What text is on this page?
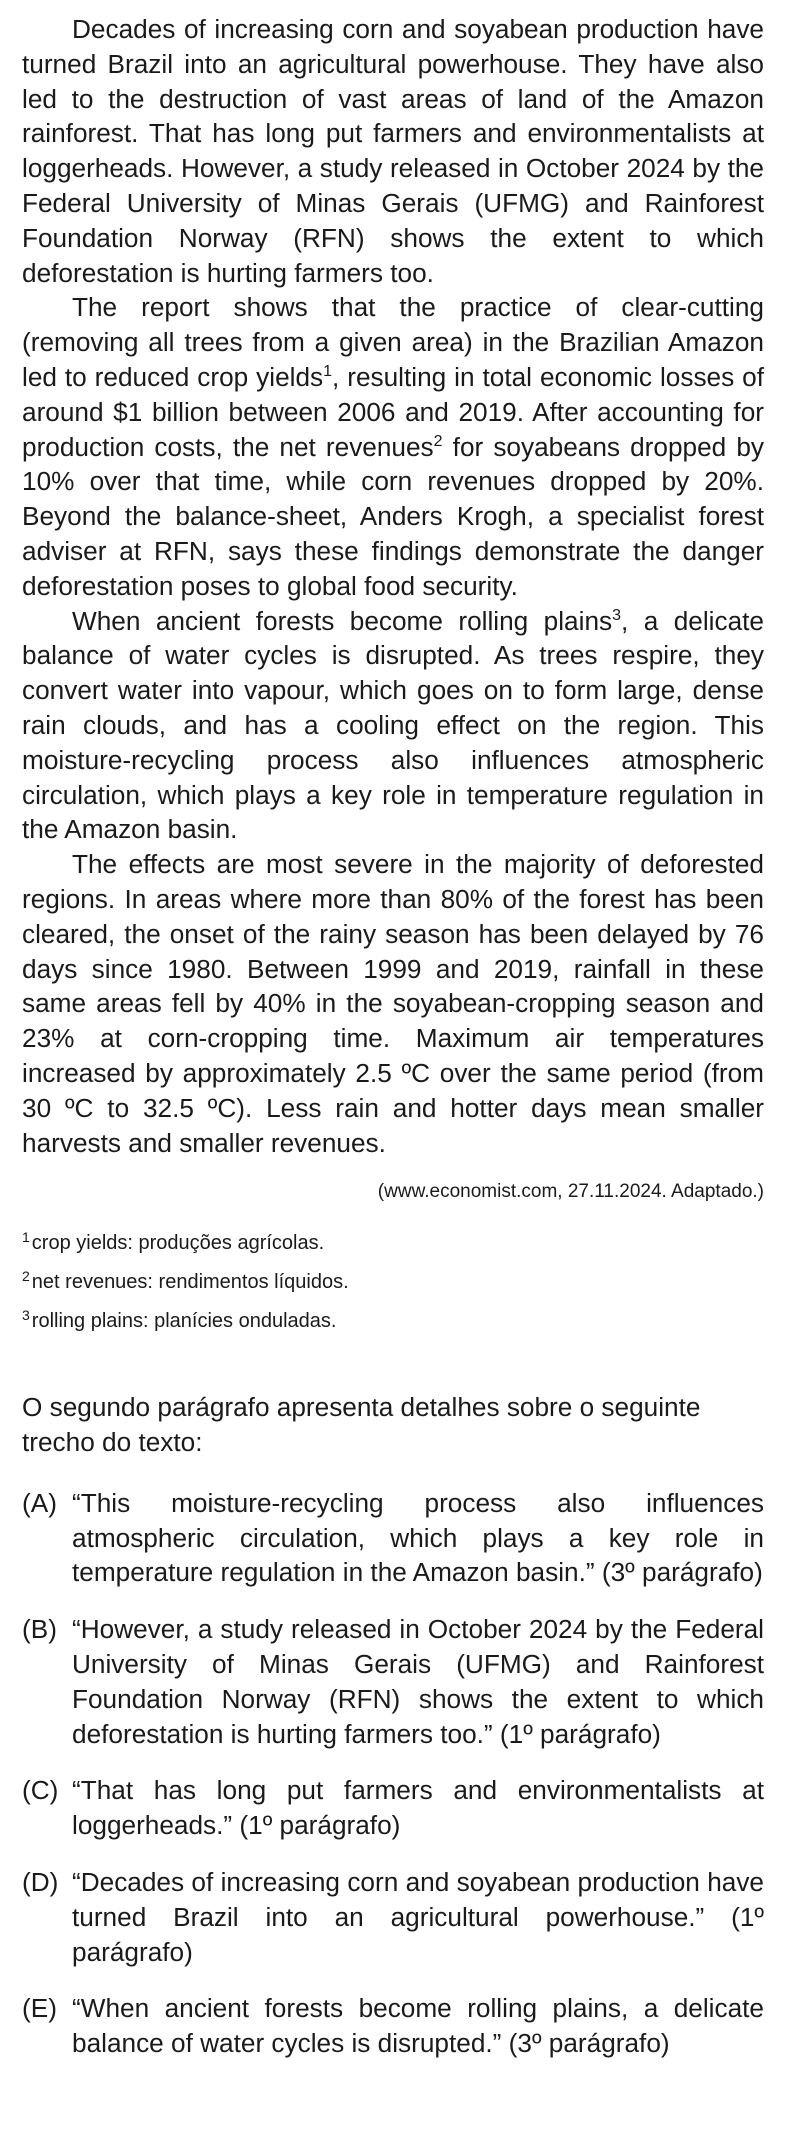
Decades of increasing corn and soyabean production have turned Brazil into an agricultural powerhouse. They have also led to the destruction of vast areas of land of the Amazon rainforest. That has long put farmers and environmentalists at loggerheads. However, a study released in October 2024 by the Federal University of Minas Gerais (UFMG) and Rainforest Foundation Norway (RFN) shows the extent to which deforestation is hurting farmers too.

The report shows that the practice of clear-cutting (removing all trees from a given area) in the Brazilian Amazon led to reduced crop yields$^1$, resulting in total economic losses of around $1 billion between 2006 and 2019. After accounting for production costs, the net revenues$^2$ for soyabeans dropped by 10% over that time, while corn revenues dropped by 20%. Beyond the balance-sheet, Anders Krogh, a specialist forest adviser at RFN, says these findings demonstrate the danger deforestation poses to global food security.

When ancient forests become rolling plains$^3$, a delicate balance of water cycles is disrupted. As trees respire, they convert water into vapour, which goes on to form large, dense rain clouds, and has a cooling effect on the region. This moisture-recycling process also influences atmospheric circulation, which plays a key role in temperature regulation in the Amazon basin.

The effects are most severe in the majority of deforested regions. In areas where more than 80% of the forest has been cleared, the onset of the rainy season has been delayed by 76 days since 1980. Between 1999 and 2019, rainfall in these same areas fell by 40% in the soyabean-cropping season and 23% at corn-cropping time. Maximum air temperatures increased by approximately 2.5 ºC over the same period (from 30 ºC to 32.5 ºC). Less rain and hotter days mean smaller harvests and smaller revenues.

(www.economist.com, 27.11.2024. Adaptado.)
$^1$ crop yields: produções agrícolas.
$^2$ net revenues: rendimentos líquidos.
$^3$ rolling plains: planícies onduladas.
O segundo parágrafo apresenta detalhes sobre o seguinte trecho do texto:
(A) “This moisture-recycling process also influences atmospheric circulation, which plays a key role in temperature regulation in the Amazon basin.” (3º parágrafo)
(B) “However, a study released in October 2024 by the Federal University of Minas Gerais (UFMG) and Rainforest Foundation Norway (RFN) shows the extent to which deforestation is hurting farmers too.” (1º parágrafo)
(C) “That has long put farmers and environmentalists at loggerheads.” (1º parágrafo)
(D) “Decades of increasing corn and soyabean production have turned Brazil into an agricultural powerhouse.” (1º parágrafo)
(E) “When ancient forests become rolling plains, a delicate balance of water cycles is disrupted.” (3º parágrafo)
